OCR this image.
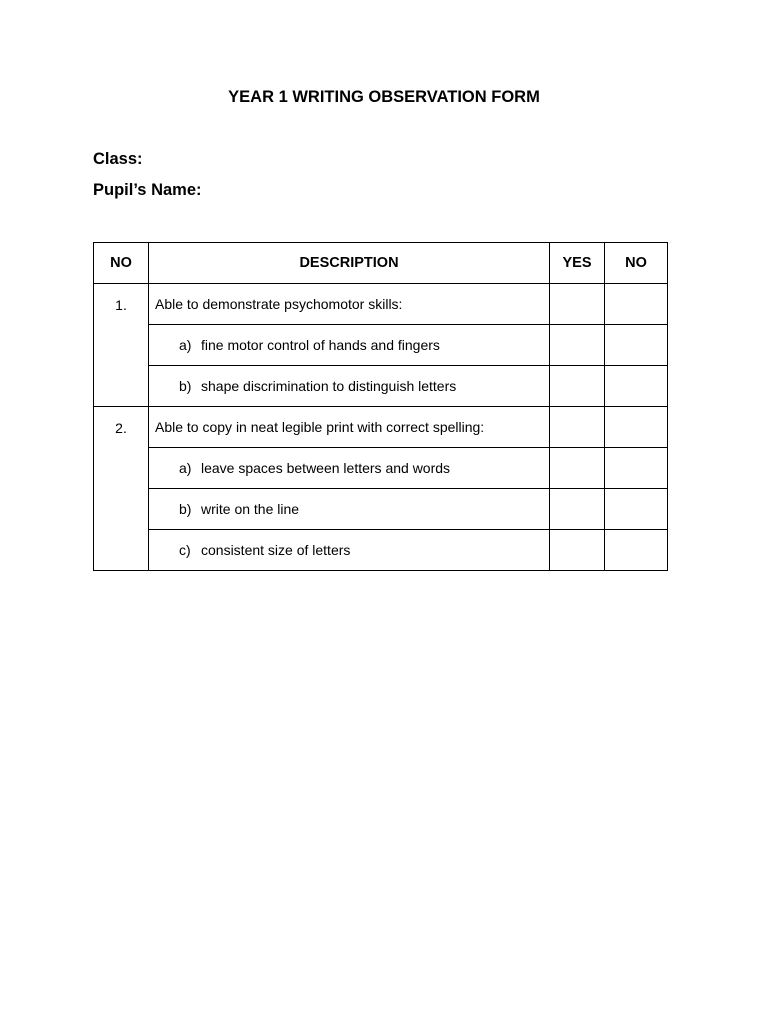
YEAR 1 WRITING OBSERVATION FORM
Class:
Pupil’s Name:
NO	DESCRIPTION	YES	NO
1.	Able to demonstrate psychomotor skills:		
	a) fine motor control of hands and fingers		
	b) shape discrimination to distinguish letters		
2.	Able to copy in neat legible print with correct spelling:		
	a) leave spaces between letters and words		
	b) write on the line		
	c) consistent size of letters		
